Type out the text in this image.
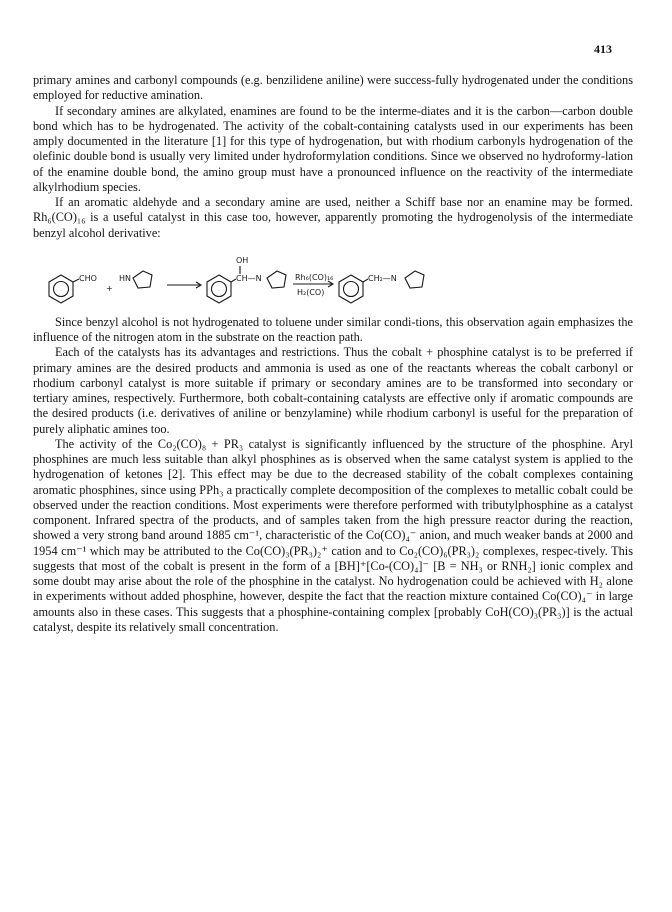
413

primary amines and carbonyl compounds (e.g. benzilidene aniline) were success-fully hydrogenated under the conditions employed for reductive amination.

If secondary amines are alkylated, enamines are found to be the interme-diates and it is the carbon—carbon double bond which has to be hydrogenated. The activity of the cobalt-containing catalysts used in our experiments has been amply documented in the literature [1] for this type of hydrogenation, but with rhodium carbonyls hydrogenation of the olefinic double bond is usually very limited under hydroformylation conditions. Since we observed no hydroformy-lation of the enamine double bond, the amino group must have a pronounced influence on the reactivity of the intermediate alkylrhodium species.

If an aromatic aldehyde and a secondary amine are used, neither a Schiff base nor an enamine may be formed. Rh₆(CO)₁₆ is a useful catalyst in this case too, however, apparently promoting the hydrogenolysis of the intermediate benzyl alcohol derivative:

CHO
+
HN
OH
CH—N	Rh₆(CO)₁₆
H₂(CO)
CH₂—N

Since benzyl alcohol is not hydrogenated to toluene under similar condi-tions, this observation again emphasizes the influence of the nitrogen atom in the substrate on the reaction path.

Each of the catalysts has its advantages and restrictions. Thus the cobalt + phosphine catalyst is to be preferred if primary amines are the desired products and ammonia is used as one of the reactants whereas the cobalt carbonyl or rhodium carbonyl catalyst is more suitable if primary or secondary amines are to be transformed into secondary or tertiary amines, respectively. Furthermore, both cobalt-containing catalysts are effective only if aromatic compounds are the desired products (i.e. derivatives of aniline or benzylamine) while rhodium carbonyl is useful for the preparation of purely aliphatic amines too.

The activity of the Co₂(CO)₈ + PR₃ catalyst is significantly influenced by the structure of the phosphine. Aryl phosphines are much less suitable than alkyl phosphines as is observed when the same catalyst system is applied to the hydrogenation of ketones [2]. This effect may be due to the decreased stability of the cobalt complexes containing aromatic phosphines, since using PPh₃ a practically complete decomposition of the complexes to metallic cobalt could be observed under the reaction conditions. Most experiments were therefore performed with tributylphosphine as a catalyst component. Infrared spectra of the products, and of samples taken from the high pressure reactor during the reaction, showed a very strong band around 1885 cm⁻¹, characteristic of the Co(CO)₄⁻ anion, and much weaker bands at 2000 and 1954 cm⁻¹ which may be attributed to the Co(CO)₃(PR₃)₂⁺ cation and to Co₂(CO)₆(PR₃)₂ complexes, respec-tively. This suggests that most of the cobalt is present in the form of a [BH]⁺[Co-(CO)₄]⁻ [B = NH₃ or RNH₂] ionic complex and some doubt may arise about the role of the phosphine in the catalyst. No hydrogenation could be achieved with H₂ alone in experiments without added phosphine, however, despite the fact that the reaction mixture contained Co(CO)₄⁻ in large amounts also in these cases. This suggests that a phosphine-containing complex [probably CoH(CO)₃(PR₃)] is the actual catalyst, despite its relatively small concentration.
